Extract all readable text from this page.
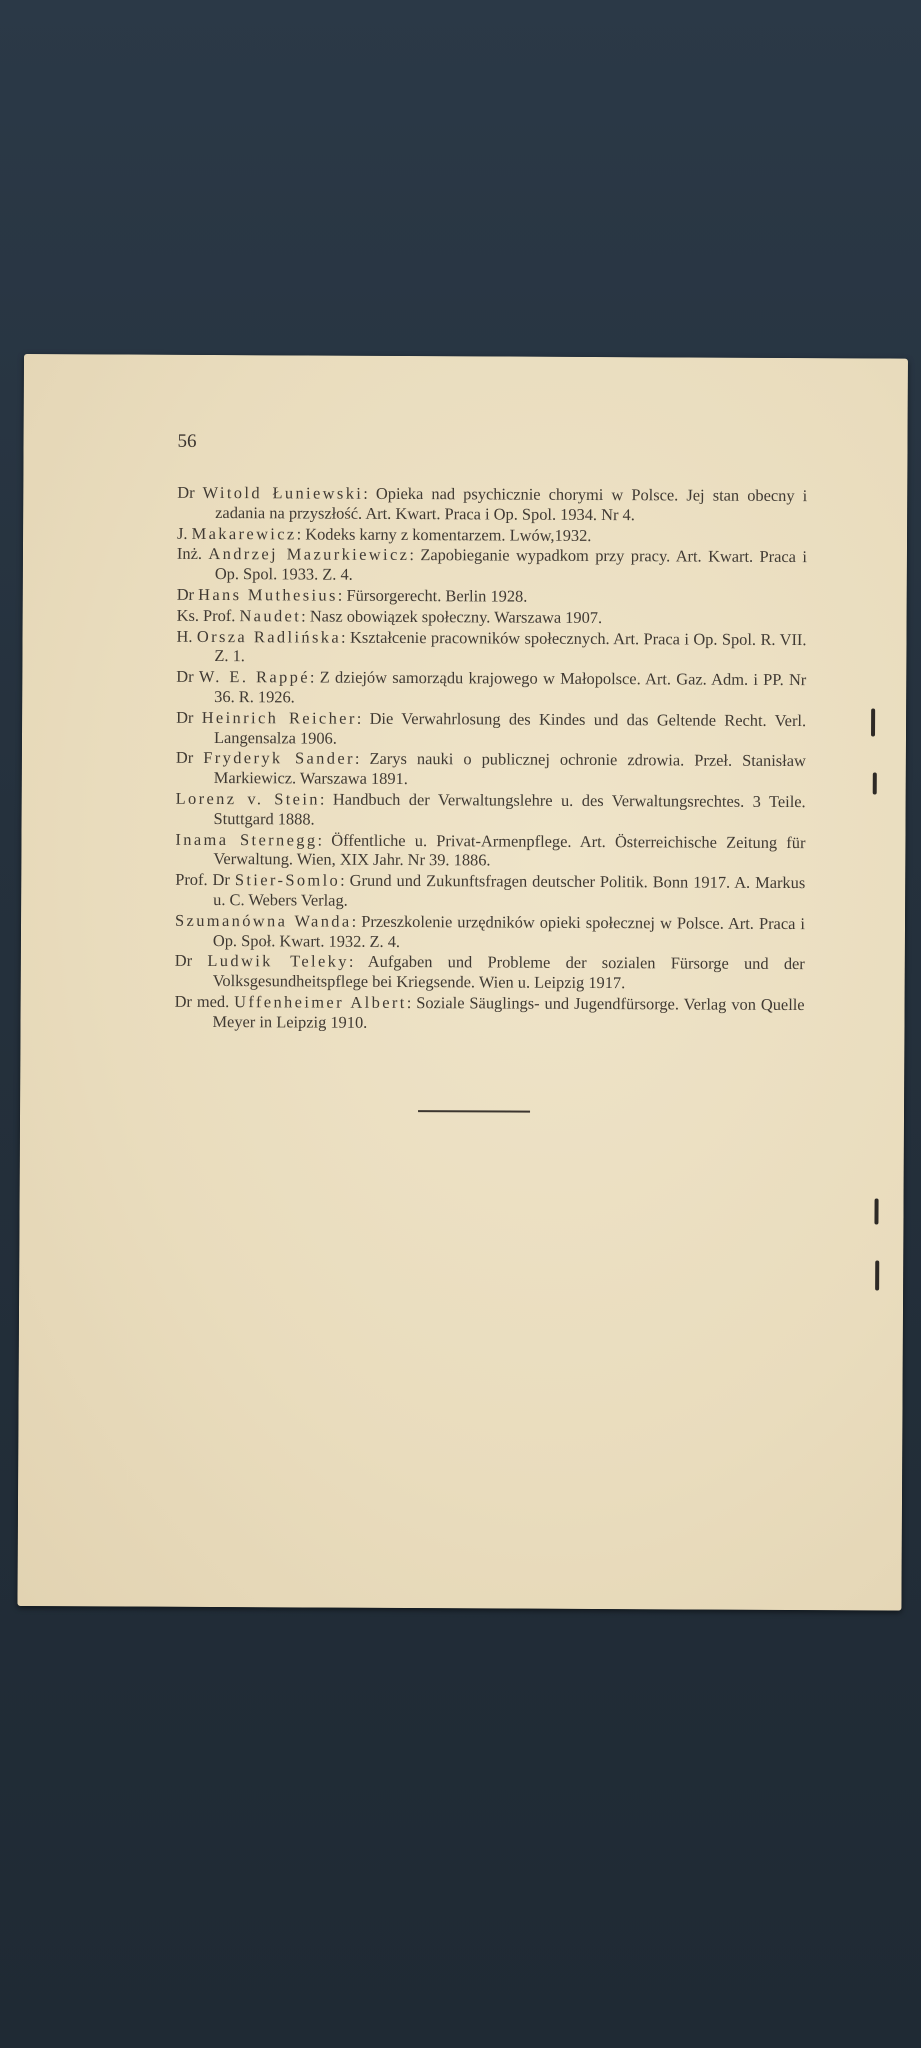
56

Dr Witold Łuniewski: Opieka nad psychicznie chorymi w Polsce. Jej stan obecny i zadania na przyszłość. Art. Kwart. Praca i Op. Spol. 1934. Nr 4.

J. Makarewicz: Kodeks karny z komentarzem. Lwów,1932.

Inż. Andrzej Mazurkiewicz: Zapobieganie wypadkom przy pracy. Art. Kwart. Praca i Op. Spol. 1933. Z. 4.

Dr Hans Muthesius: Fürsorgerecht. Berlin 1928.

Ks. Prof. Naudet: Nasz obowiązek społeczny. Warszawa 1907.

H. Orsza Radlińska: Kształcenie pracowników społecznych. Art. Praca i Op. Spol. R. VII. Z. 1.

Dr W. E. Rappé: Z dziejów samorządu krajowego w Małopolsce. Art. Gaz. Adm. i PP. Nr 36. R. 1926.

Dr Heinrich Reicher: Die Verwahrlosung des Kindes und das Geltende Recht. Verl. Langensalza 1906.

Dr Fryderyk Sander: Zarys nauki o publicznej ochronie zdrowia. Przeł. Stanisław Markiewicz. Warszawa 1891.

Lorenz v. Stein: Handbuch der Verwaltungslehre u. des Verwaltungsrechtes. 3 Teile. Stuttgard 1888.

Inama Sternegg: Öffentliche u. Privat-Armenpflege. Art. Österreichische Zeitung für Verwaltung. Wien, XIX Jahr. Nr 39. 1886.

Prof. Dr Stier-Somlo: Grund und Zukunftsfragen deutscher Politik. Bonn 1917. A. Markus u. C. Webers Verlag.

Szumanówna Wanda: Przeszkolenie urzędników opieki społecznej w Polsce. Art. Praca i Op. Społ. Kwart. 1932. Z. 4.

Dr Ludwik Teleky: Aufgaben und Probleme der sozialen Fürsorge und der Volksgesundheitspflege bei Kriegsende. Wien u. Leipzig 1917.

Dr med. Uffenheimer Albert: Soziale Säuglings- und Jugendfürsorge. Verlag von Quelle Meyer in Leipzig 1910.
